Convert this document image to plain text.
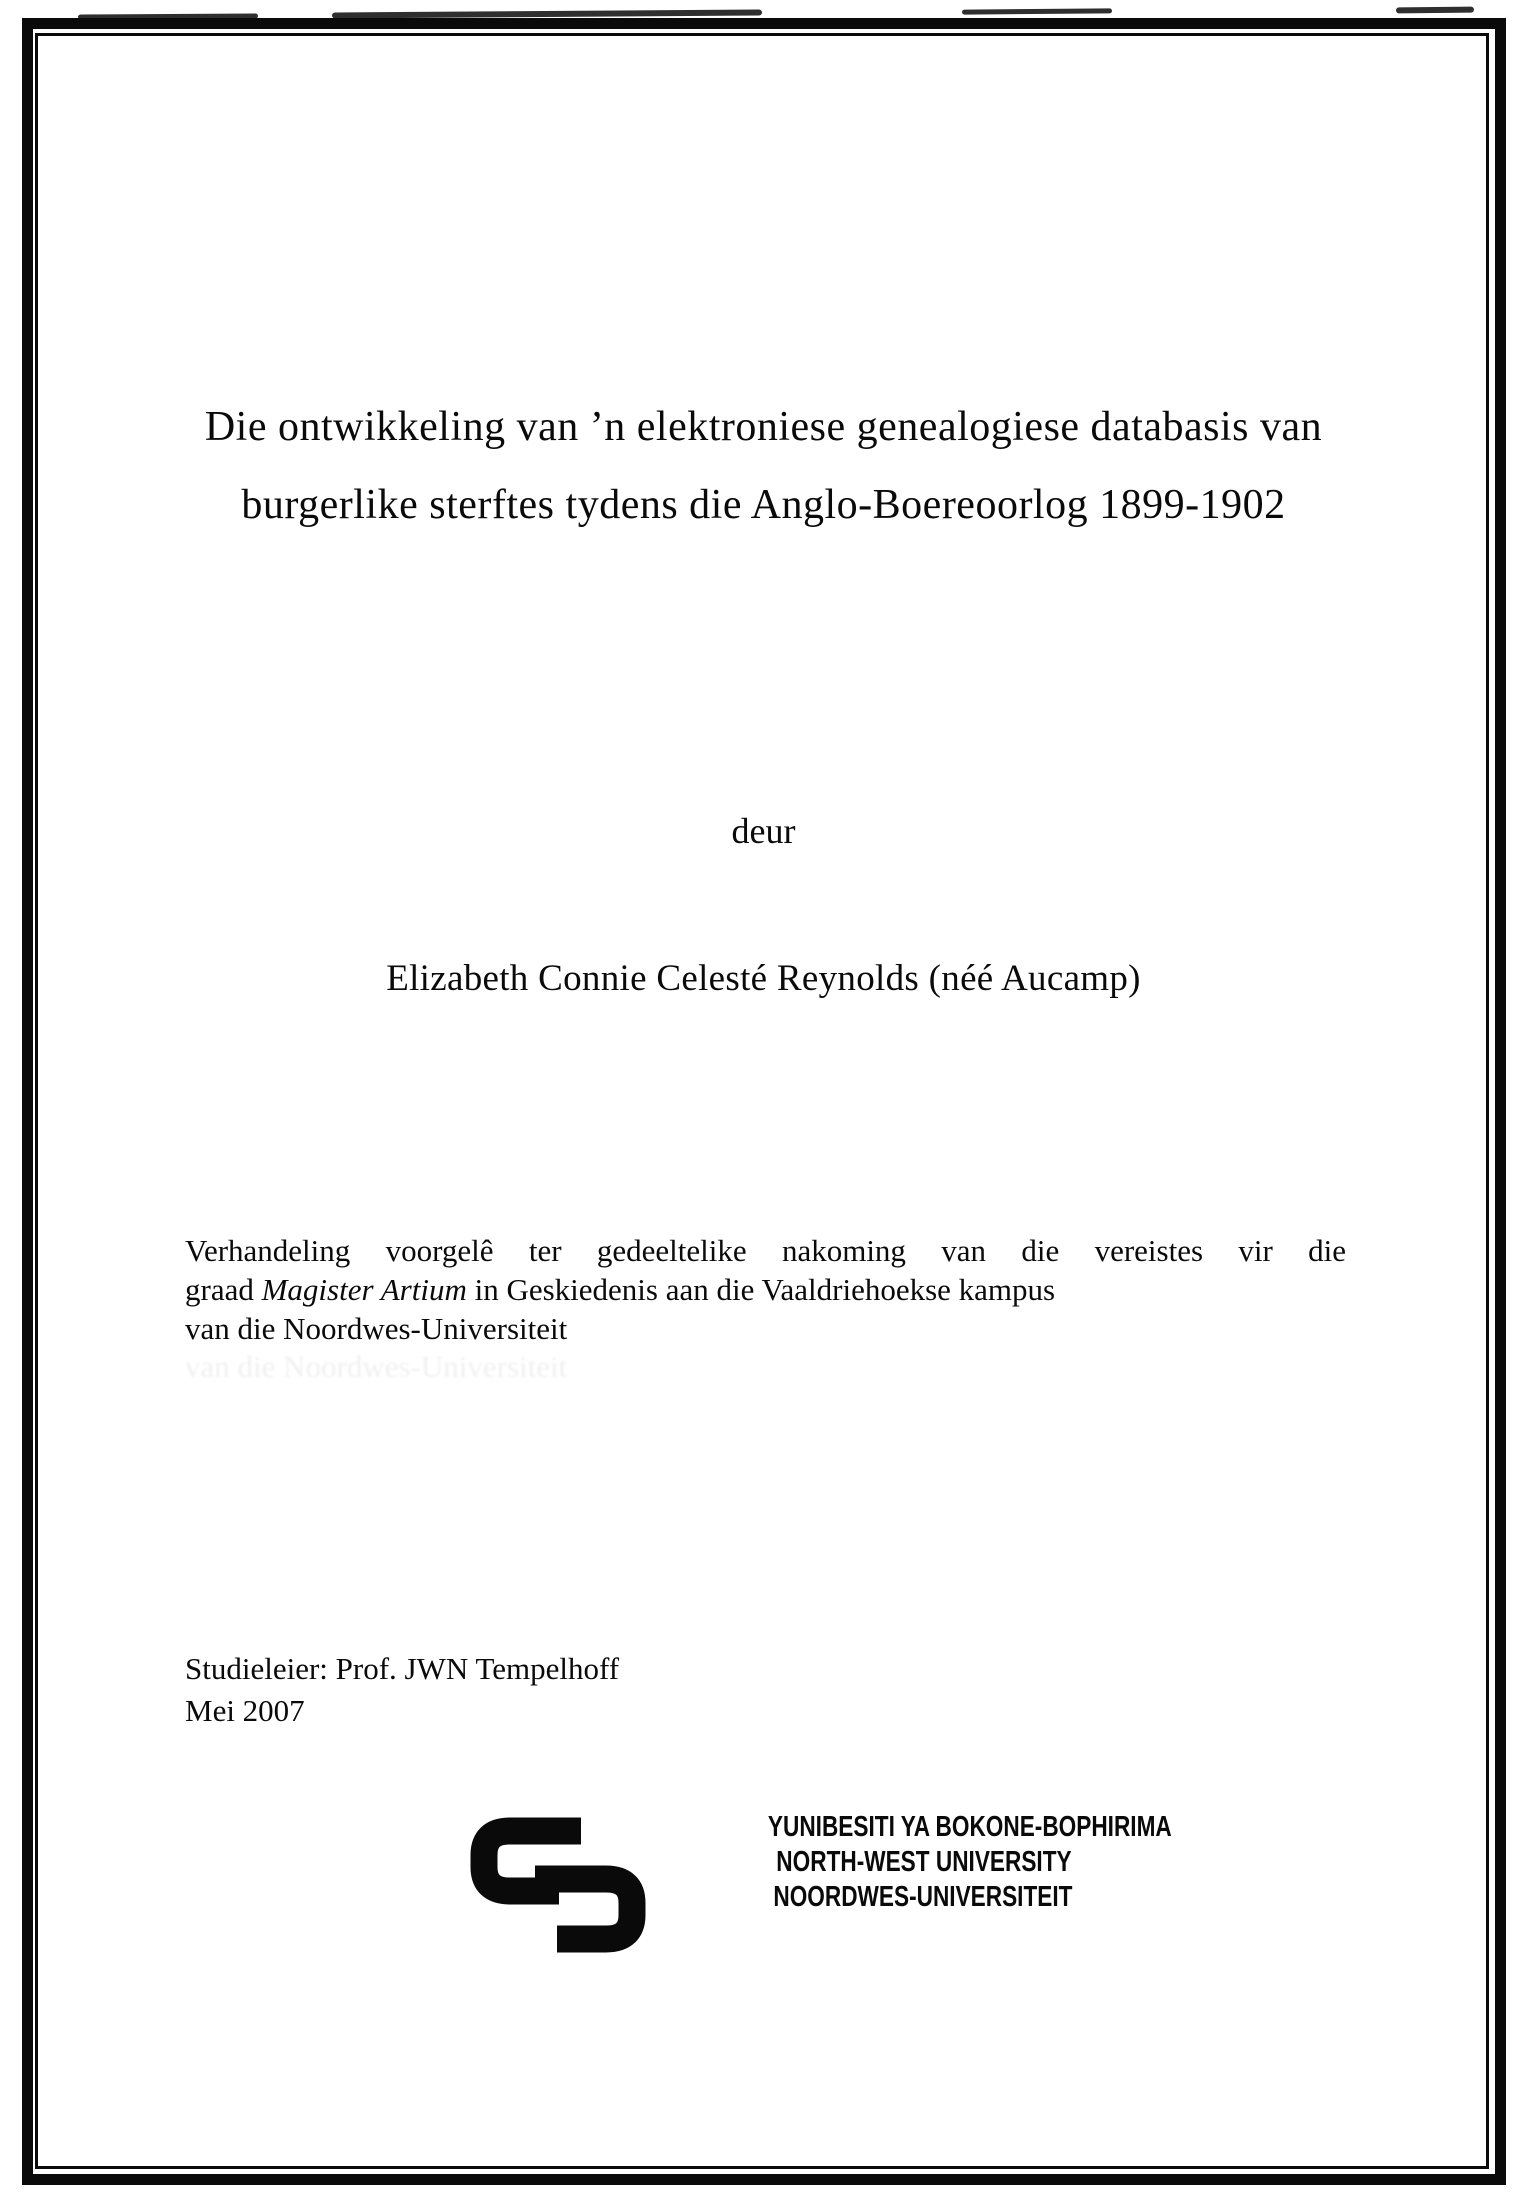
Die ontwikkeling van ’n elektroniese genealogiese databasis van
burgerlike sterftes tydens die Anglo-Boereoorlog 1899-1902
deur
Elizabeth Connie Celesté Reynolds (néé Aucamp)
Verhandeling voorgelê ter gedeeltelike nakoming van die vereistes vir die
graad Magister Artium in Geskiedenis aan die Vaaldriehoekse kampus
van die Noordwes-Universiteit
van die Noordwes-Universiteit
Studieleier: Prof. JWN Tempelhoff
Mei 2007
YUNIBESITI YA BOKONE-BOPHIRIMA
NORTH-WEST UNIVERSITY
NOORDWES-UNIVERSITEIT
